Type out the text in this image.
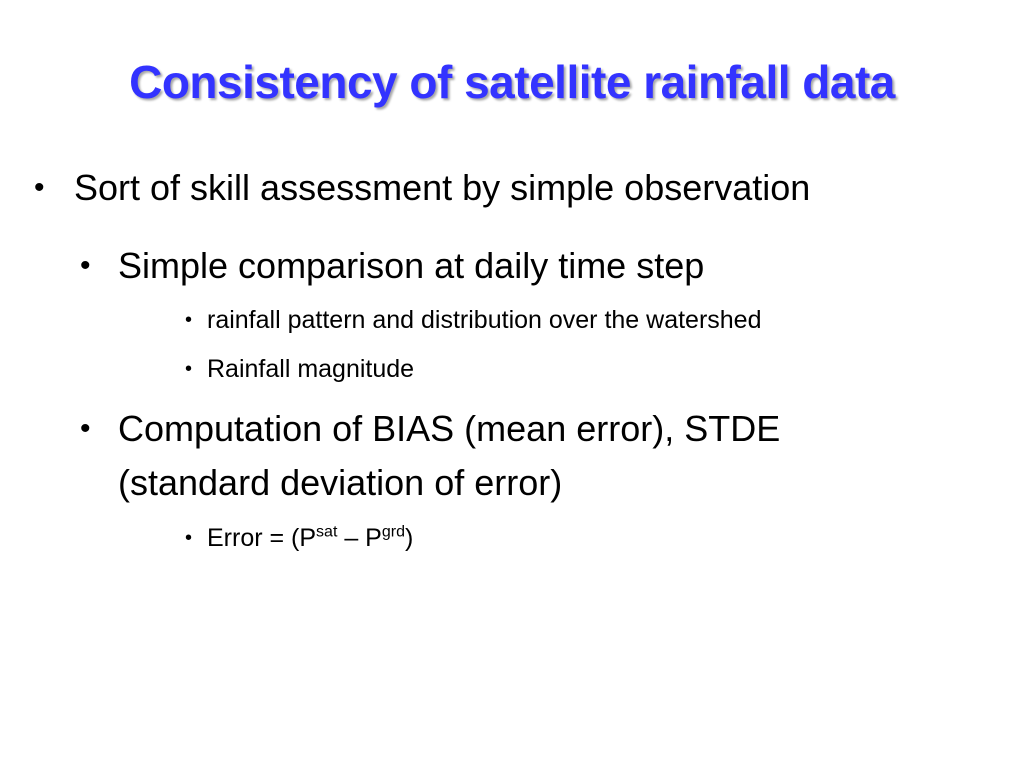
Consistency of satellite rainfall data
• Sort of skill assessment by simple observation
• Simple comparison at daily time step
• rainfall pattern and distribution over the watershed
• Rainfall magnitude
• Computation of BIAS (mean error), STDE
(standard deviation of error)
• Error = $(P^{sat} - P^{grd})$
